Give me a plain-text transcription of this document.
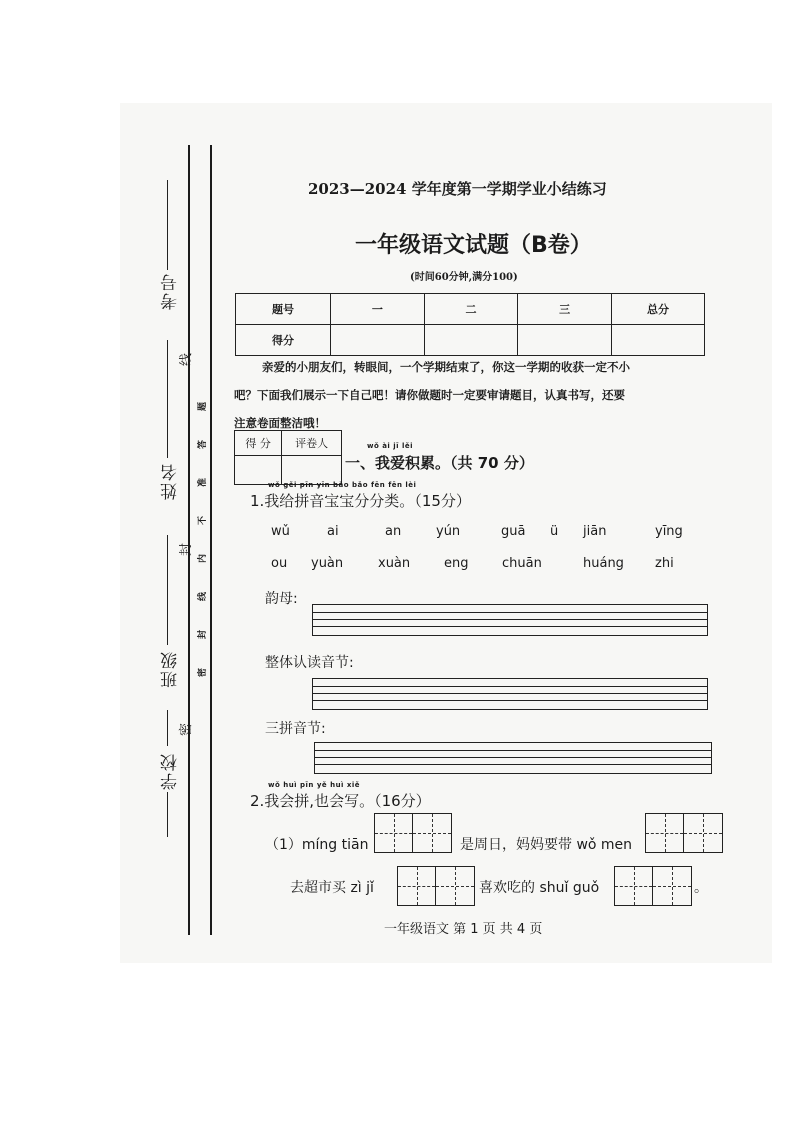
考号
姓名
班级
学校
线
封
密
题
答
准
不
内
线
封
密
2023—2024 学年度第一学期学业小结练习
一年级语文试题（B卷）
(时间60分钟,满分100)
题号	一	二	三	总分
得分				
亲爱的小朋友们，转眼间，一个学期结束了，你这一学期的收获一定不小
吧？下面我们展示一下自己吧！请你做题时一定要审请题目，认真书写，还要
注意卷面整洁哦！
得 分	评卷人
		wǒ ài jī lěi
一、我爱积累。（共 70 分）
wǒ gěi pīn yīn bǎo bǎo fēn fēn lèi
1.我给拼音宝宝分分类。（15分）
wǔ	ai	an	yún	guā ü jiān	yīng
ou yuàn	xuàn	eng	chuān	huáng zhi
韵母:
整体认读音节:
三拼音节:
wǒ huì pīn yě huì xiě
2.我会拼,也会写。（16分）
（1）míng tiān	是周日，妈妈要带 wǒ men
去超市买 zì jǐ	喜欢吃的 shuǐ guǒ	。
一年级语文 第 1 页 共 4 页
